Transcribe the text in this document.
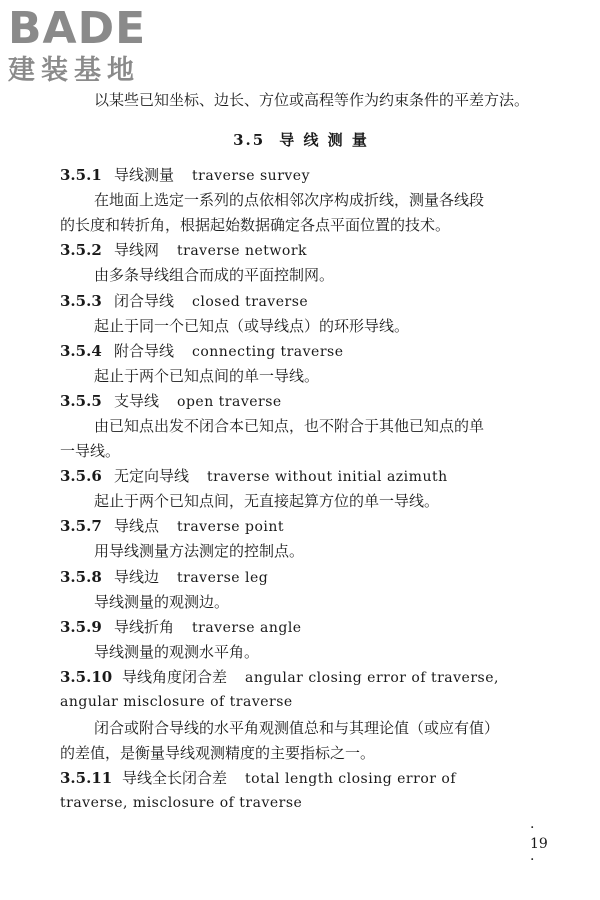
BADE
建装基地
以某些已知坐标、边长、方位或高程等作为约束条件的平差方法。
3.5 导 线 测 量
3.5.1 导线测量 traverse survey
在地面上选定一系列的点依相邻次序构成折线，测量各线段
的长度和转折角，根据起始数据确定各点平面位置的技术。
3.5.2 导线网 traverse network
由多条导线组合而成的平面控制网。
3.5.3 闭合导线 closed traverse
起止于同一个已知点（或导线点）的环形导线。
3.5.4 附合导线 connecting traverse
起止于两个已知点间的单一导线。
3.5.5 支导线 open traverse
由已知点出发不闭合本已知点，也不附合于其他已知点的单
一导线。
3.5.6 无定向导线 traverse without initial azimuth
起止于两个已知点间，无直接起算方位的单一导线。
3.5.7 导线点 traverse point
用导线测量方法测定的控制点。
3.5.8 导线边 traverse leg
导线测量的观测边。
3.5.9 导线折角 traverse angle
导线测量的观测水平角。
3.5.10 导线角度闭合差 angular closing error of traverse,
angular misclosure of traverse
闭合或附合导线的水平角观测值总和与其理论值（或应有值）
的差值，是衡量导线观测精度的主要指标之一。
3.5.11 导线全长闭合差 total length closing error of
traverse, misclosure of traverse
· 19 ·
